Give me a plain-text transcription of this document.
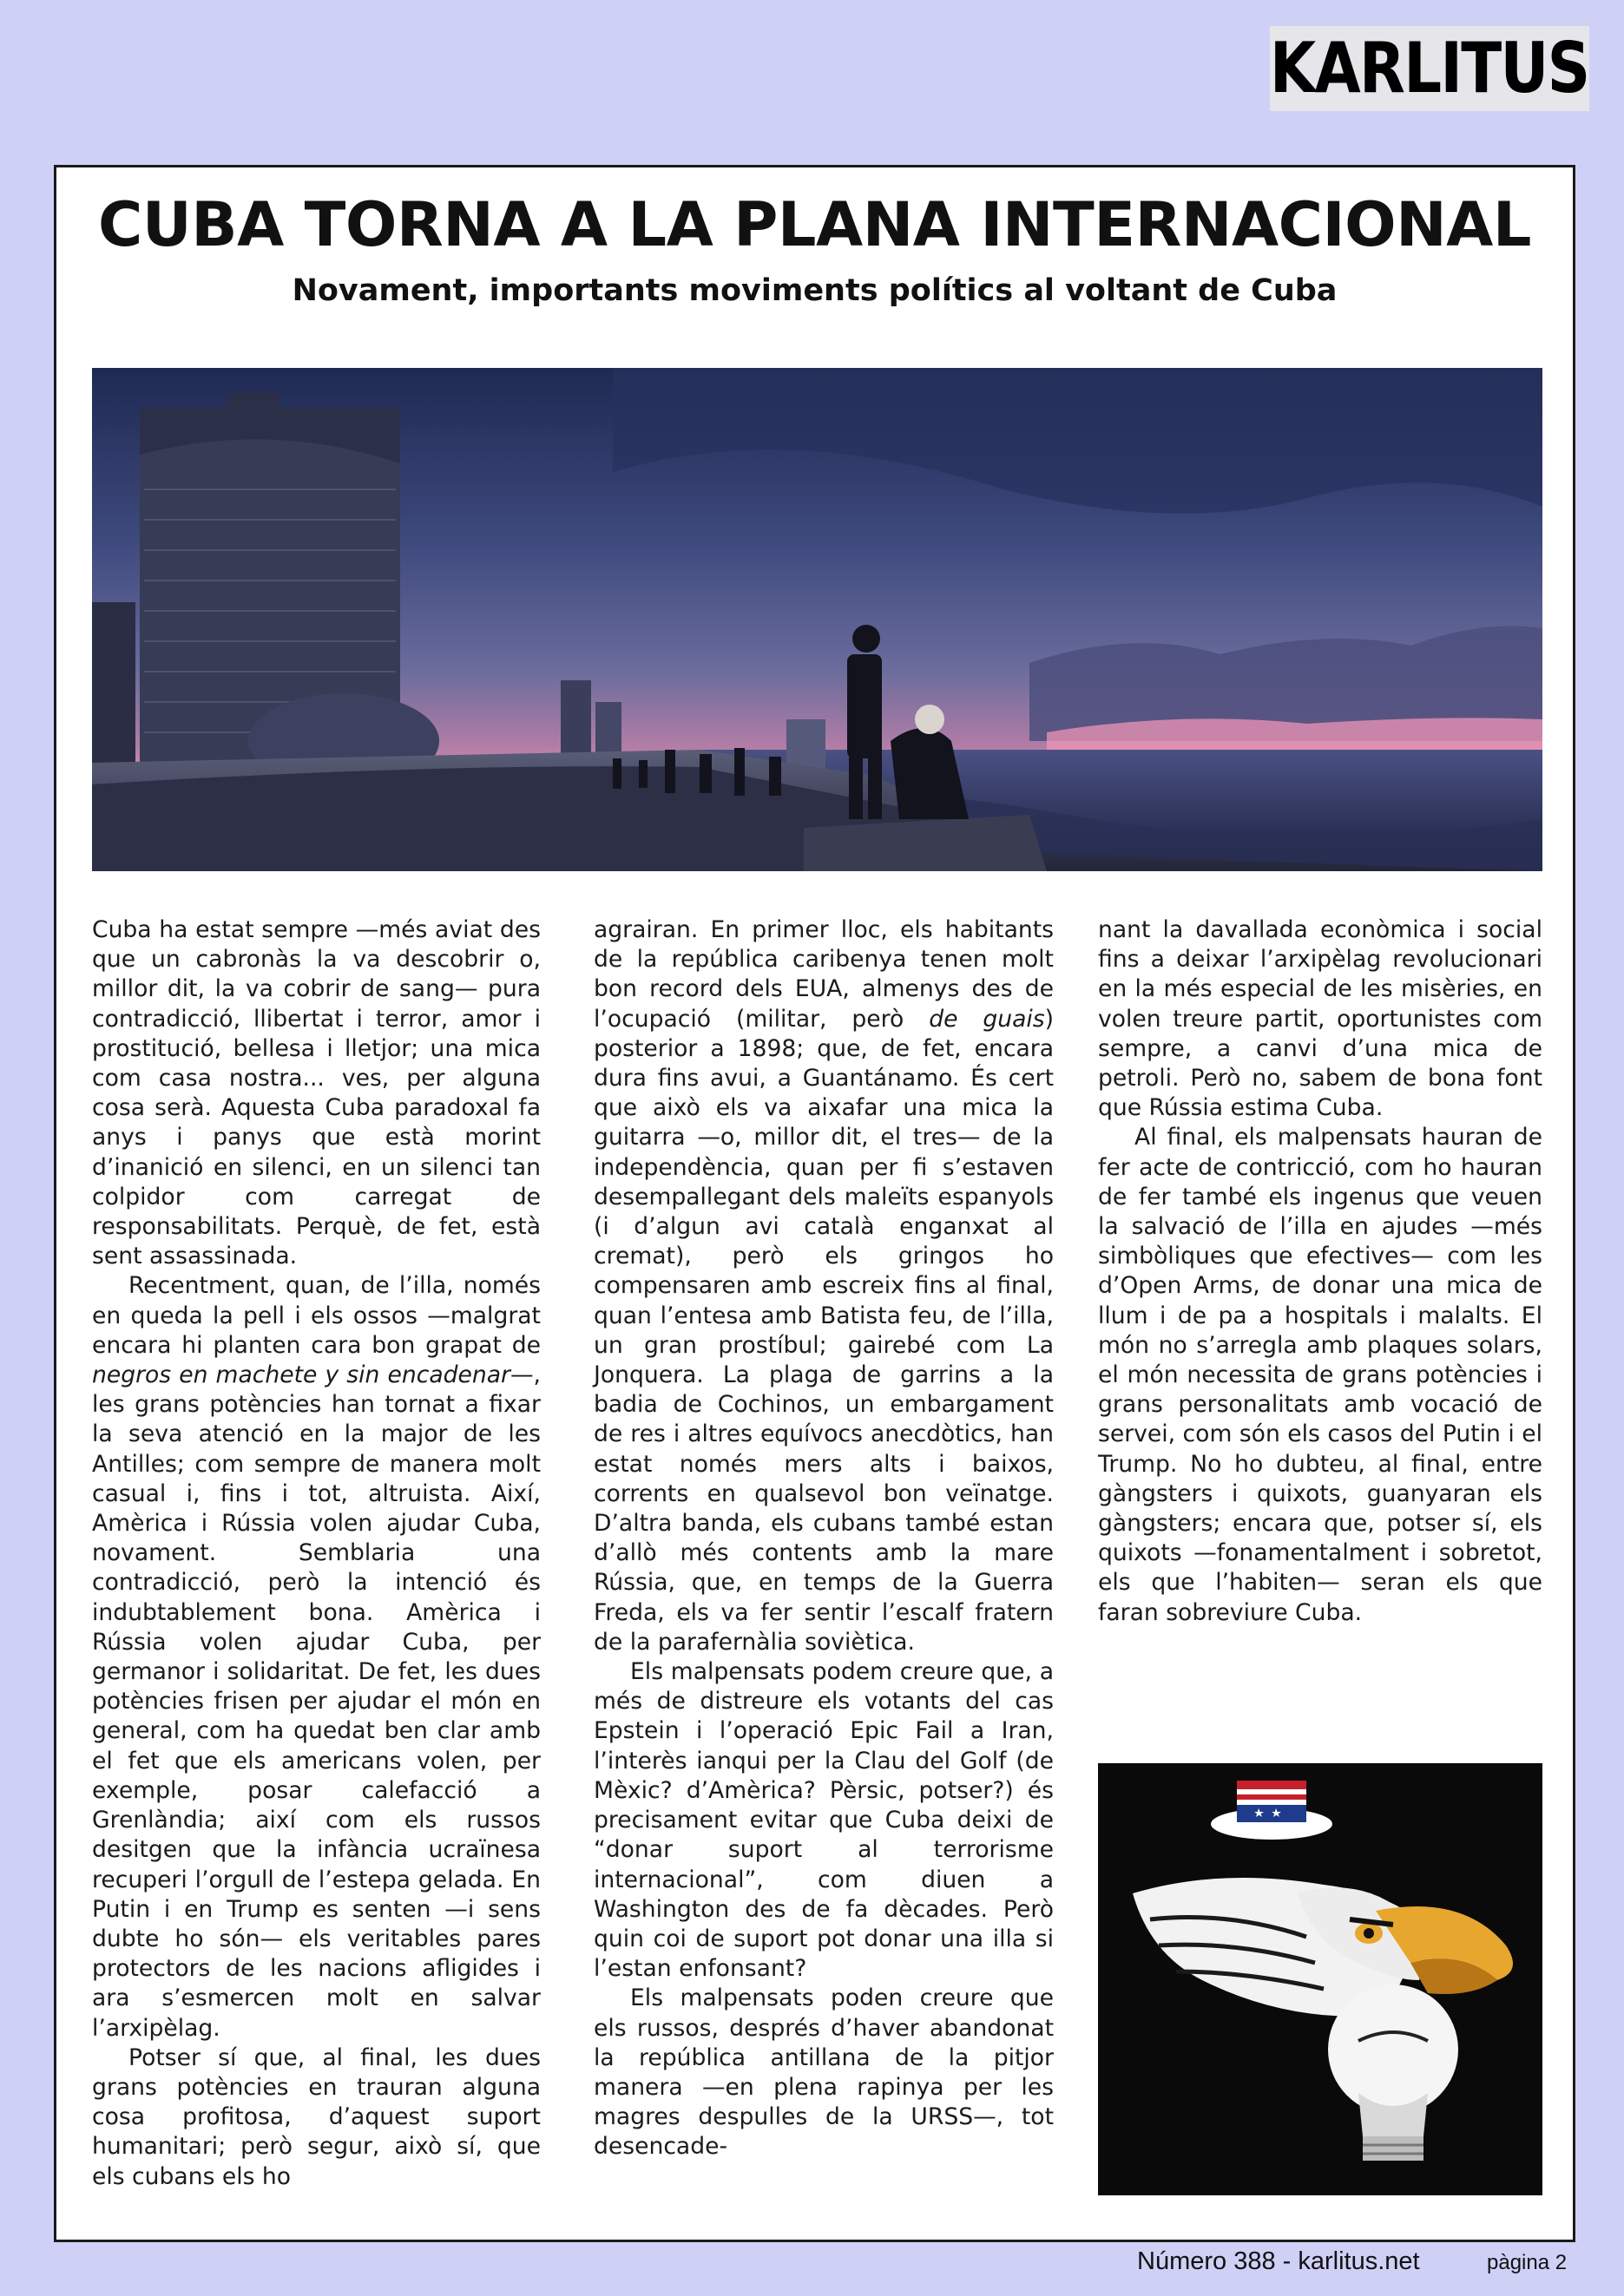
KARLITUS
CUBA TORNA A LA PLANA INTERNACIONAL
Novament, importants moviments polítics al voltant de Cuba

Cuba ha estat sempre —més aviat des que un cabronàs la va descobrir o, millor dit, la va cobrir de sang— pura contradicció, llibertat i terror, amor i prostitució, bellesa i lletjor; una mica com casa nostra... ves, per alguna cosa serà. Aquesta Cuba paradoxal fa anys i panys que està morint d’inanició en silenci, en un silenci tan colpidor com carregat de responsabilitats. Perquè, de fet, està sent assassinada.

Recentment, quan, de l’illa, només en queda la pell i els ossos —malgrat encara hi planten cara bon grapat de negros en machete y sin encadenar—, les grans potències han tornat a fixar la seva atenció en la major de les Antilles; com sempre de manera molt casual i, fins i tot, altruista. Així, Amèrica i Rússia volen ajudar Cuba, novament. Semblaria una contradicció, però la intenció és indubtablement bona. Amèrica i Rússia volen ajudar Cuba, per germanor i solidaritat. De fet, les dues potències frisen per ajudar el món en general, com ha quedat ben clar amb el fet que els americans volen, per exemple, posar calefacció a Grenlàndia; així com els russos desitgen que la infància ucraïnesa recuperi l’orgull de l’estepa gelada. En Putin i en Trump es senten —i sens dubte ho són— els veritables pares protectors de les nacions afligides i ara s’esmercen molt en salvar l’arxipèlag.

Potser sí que, al final, les dues grans potències en trauran alguna cosa profitosa, d’aquest suport humanitari; però segur, això sí, que els cubans els ho

agrairan. En primer lloc, els habitants de la república caribenya tenen molt bon record dels EUA, almenys des de l’ocupació (militar, però de guais) posterior a 1898; que, de fet, encara dura fins avui, a Guantánamo. És cert que això els va aixafar una mica la guitarra —o, millor dit, el tres— de la independència, quan per fi s’estaven desempallegant dels maleïts espanyols (i d’algun avi català enganxat al cremat), però els gringos ho compensaren amb escreix fins al final, quan l’entesa amb Batista feu, de l’illa, un gran prostíbul; gairebé com La Jonquera. La plaga de garrins a la badia de Cochinos, un embargament de res i altres equívocs anecdòtics, han estat només mers alts i baixos, corrents en qualsevol bon veïnatge. D’altra banda, els cubans també estan d’allò més contents amb la mare Rússia, que, en temps de la Guerra Freda, els va fer sentir l’escalf fratern de la parafernàlia soviètica.

Els malpensats podem creure que, a més de distreure els votants del cas Epstein i l’operació Epic Fail a Iran, l’interès ianqui per la Clau del Golf (de Mèxic? d’Amèrica? Pèrsic, potser?) és precisament evitar que Cuba deixi de “donar suport al terrorisme internacional”, com diuen a Washington des de fa dècades. Però quin coi de suport pot donar una illa si l’estan enfonsant?

Els malpensats poden creure que els russos, després d’haver abandonat la república antillana de la pitjor manera —en plena rapinya per les magres despulles de la URSS—, tot desencade-

nant la davallada econòmica i social fins a deixar l’arxipèlag revolucionari en la més especial de les misèries, en volen treure partit, oportunistes com sempre, a canvi d’una mica de petroli. Però no, sabem de bona font que Rússia estima Cuba.

Al final, els malpensats hauran de fer acte de contricció, com ho hauran de fer també els ingenus que veuen la salvació de l’illa en ajudes —més simbòliques que efectives— com les d’Open Arms, de donar una mica de llum i de pa a hospitals i malalts. El món no s’arregla amb plaques solars, el món necessita de grans potències i grans personalitats amb vocació de servei, com són els casos del Putin i el Trump. No ho dubteu, al final, entre gàngsters i quixots, guanyaran els gàngsters; encara que, potser sí, els quixots —fonamentalment i sobretot, els que l’habiten— seran els que faran sobreviure Cuba.

Número 388 - karlitus.net	pàgina 2
